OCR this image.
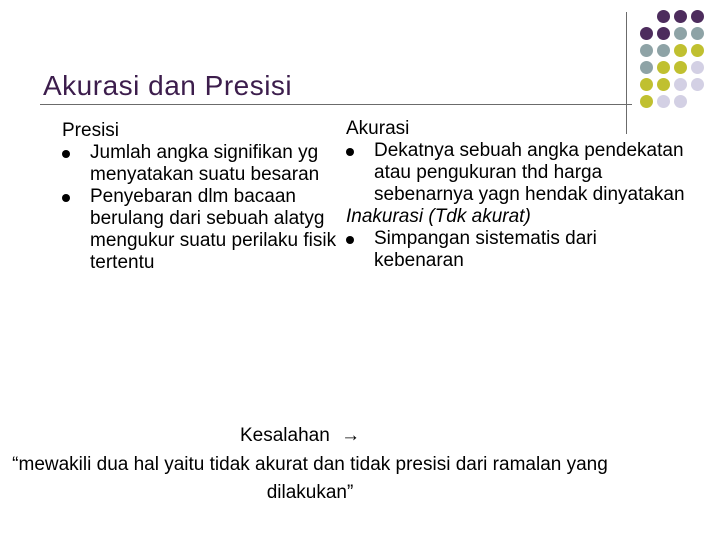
Akurasi dan Presisi
Presisi
Jumlah angka signifikan yg menyatakan suatu besaran
Penyebaran dlm bacaan berulang dari sebuah alatyg mengukur suatu perilaku fisik tertentu
Akurasi
Dekatnya sebuah angka pendekatan atau pengukuran thd harga sebenarnya yagn hendak dinyatakan
Inakurasi (Tdk akurat)
Simpangan sistematis dari kebenaran
Kesalahan →
“mewakili dua hal yaitu tidak akurat dan tidak presisi dari ramalan yang dilakukan”
